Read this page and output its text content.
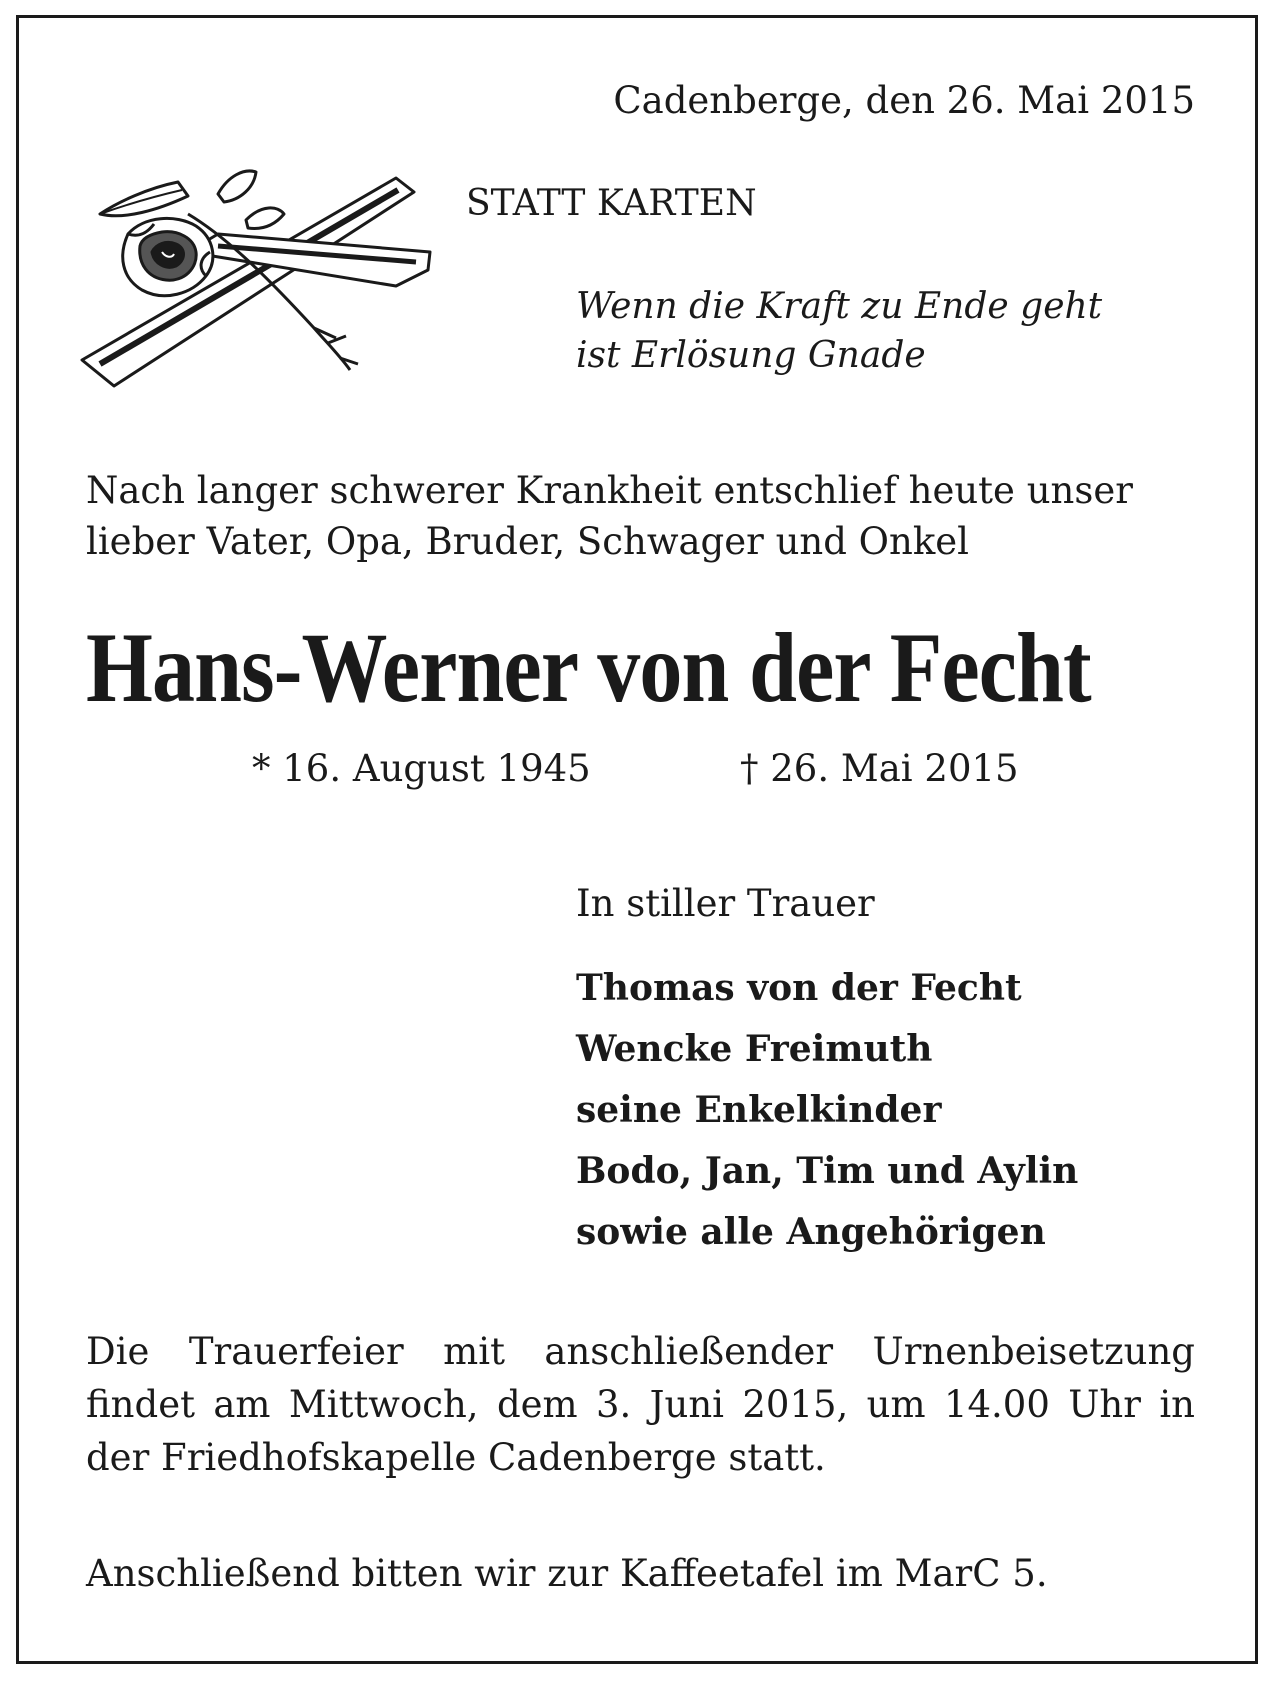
Cadenberge, den 26. Mai 2015
STATT KARTEN
Wenn die Kraft zu Ende geht
ist Erlösung Gnade
Nach langer schwerer Krankheit entschlief heute unser
lieber Vater, Opa, Bruder, Schwager und Onkel
Hans-Werner von der Fecht
* 16. August 1945	† 26. Mai 2015
In stiller Trauer
Thomas von der Fecht
Wencke Freimuth
seine Enkelkinder
Bodo, Jan, Tim und Aylin
sowie alle Angehörigen
Die Trauerfeier mit anschließender Urnenbeisetzung findet am Mittwoch, dem 3. Juni 2015, um 14.00 Uhr in der Friedhofskapelle Cadenberge statt.
Anschließend bitten wir zur Kaffeetafel im MarC 5.
